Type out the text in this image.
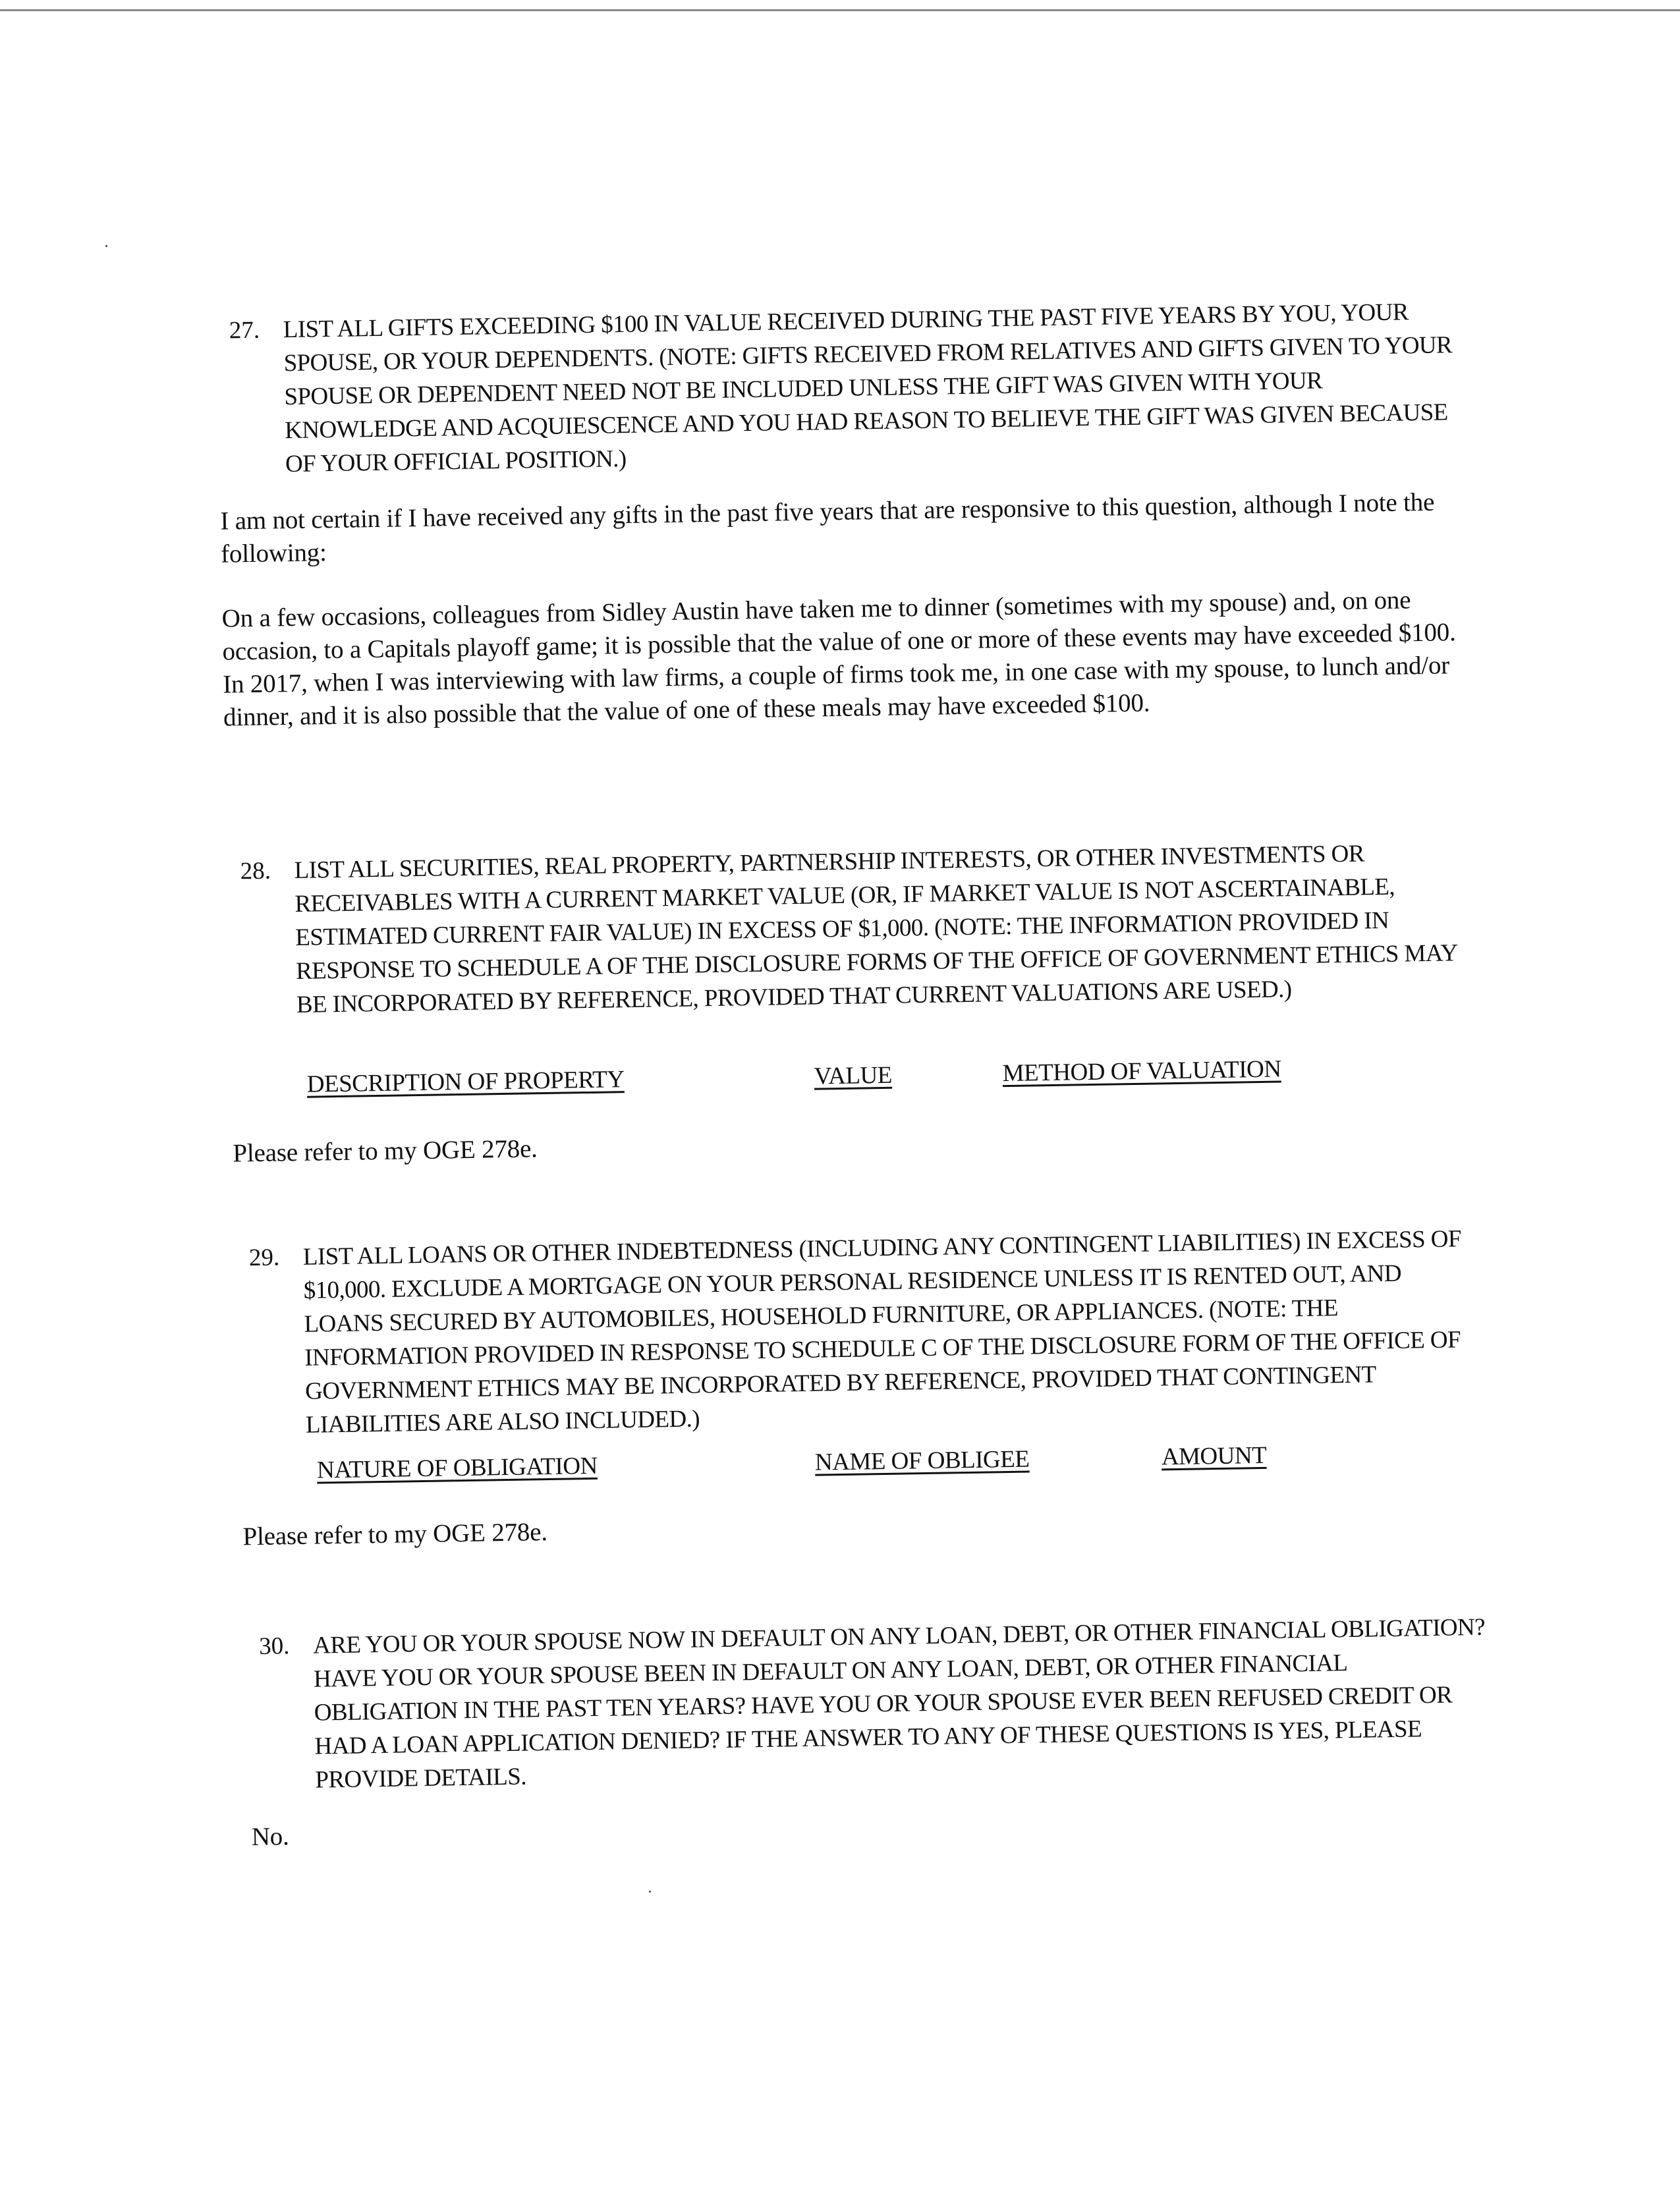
27. LIST ALL GIFTS EXCEEDING $100 IN VALUE RECEIVED DURING THE PAST FIVE YEARS BY YOU, YOUR SPOUSE, OR YOUR DEPENDENTS. (NOTE: GIFTS RECEIVED FROM RELATIVES AND GIFTS GIVEN TO YOUR SPOUSE OR DEPENDENT NEED NOT BE INCLUDED UNLESS THE GIFT WAS GIVEN WITH YOUR KNOWLEDGE AND ACQUIESCENCE AND YOU HAD REASON TO BELIEVE THE GIFT WAS GIVEN BECAUSE OF YOUR OFFICIAL POSITION.)
I am not certain if I have received any gifts in the past five years that are responsive to this question, although I note the following:
On a few occasions, colleagues from Sidley Austin have taken me to dinner (sometimes with my spouse) and, on one occasion, to a Capitals playoff game; it is possible that the value of one or more of these events may have exceeded $100. In 2017, when I was interviewing with law firms, a couple of firms took me, in one case with my spouse, to lunch and/or dinner, and it is also possible that the value of one of these meals may have exceeded $100.
28. LIST ALL SECURITIES, REAL PROPERTY, PARTNERSHIP INTERESTS, OR OTHER INVESTMENTS OR RECEIVABLES WITH A CURRENT MARKET VALUE (OR, IF MARKET VALUE IS NOT ASCERTAINABLE, ESTIMATED CURRENT FAIR VALUE) IN EXCESS OF $1,000. (NOTE: THE INFORMATION PROVIDED IN RESPONSE TO SCHEDULE A OF THE DISCLOSURE FORMS OF THE OFFICE OF GOVERNMENT ETHICS MAY BE INCORPORATED BY REFERENCE, PROVIDED THAT CURRENT VALUATIONS ARE USED.)
DESCRIPTION OF PROPERTY	VALUE	METHOD OF VALUATION
Please refer to my OGE 278e.
29. LIST ALL LOANS OR OTHER INDEBTEDNESS (INCLUDING ANY CONTINGENT LIABILITIES) IN EXCESS OF $10,000. EXCLUDE A MORTGAGE ON YOUR PERSONAL RESIDENCE UNLESS IT IS RENTED OUT, AND LOANS SECURED BY AUTOMOBILES, HOUSEHOLD FURNITURE, OR APPLIANCES. (NOTE: THE INFORMATION PROVIDED IN RESPONSE TO SCHEDULE C OF THE DISCLOSURE FORM OF THE OFFICE OF GOVERNMENT ETHICS MAY BE INCORPORATED BY REFERENCE, PROVIDED THAT CONTINGENT LIABILITIES ARE ALSO INCLUDED.)
NATURE OF OBLIGATION	NAME OF OBLIGEE	AMOUNT
Please refer to my OGE 278e.
30. ARE YOU OR YOUR SPOUSE NOW IN DEFAULT ON ANY LOAN, DEBT, OR OTHER FINANCIAL OBLIGATION? HAVE YOU OR YOUR SPOUSE BEEN IN DEFAULT ON ANY LOAN, DEBT, OR OTHER FINANCIAL OBLIGATION IN THE PAST TEN YEARS? HAVE YOU OR YOUR SPOUSE EVER BEEN REFUSED CREDIT OR HAD A LOAN APPLICATION DENIED? IF THE ANSWER TO ANY OF THESE QUESTIONS IS YES, PLEASE PROVIDE DETAILS.
No.
